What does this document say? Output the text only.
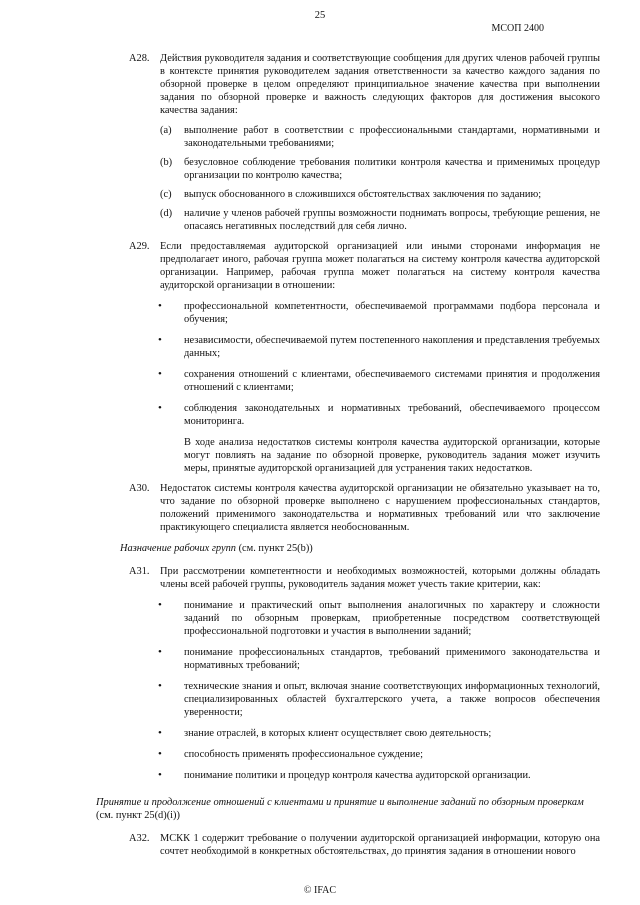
25
МСОП 2400
A28. Действия руководителя задания и соответствующие сообщения для других членов рабочей группы в контексте принятия руководителем задания ответственности за качество каждого задания по обзорной проверке в целом определяют принципиальное значение качества при выполнении задания по обзорной проверке и важность следующих факторов для достижения высокого качества задания:
(a) выполнение работ в соответствии с профессиональными стандартами, нормативными и законодательными требованиями;
(b) безусловное соблюдение требования политики контроля качества и применимых процедур организации по контролю качества;
(c) выпуск обоснованного в сложившихся обстоятельствах заключения по заданию;
(d) наличие у членов рабочей группы возможности поднимать вопросы, требующие решения, не опасаясь негативных последствий для себя лично.
A29. Если предоставляемая аудиторской организацией или иными сторонами информация не предполагает иного, рабочая группа может полагаться на систему контроля качества аудиторской организации. Например, рабочая группа может полагаться на систему контроля качества аудиторской организации в отношении:
• профессиональной компетентности, обеспечиваемой программами подбора персонала и обучения;
• независимости, обеспечиваемой путем постепенного накопления и представления требуемых данных;
• сохранения отношений с клиентами, обеспечиваемого системами принятия и продолжения отношений с клиентами;
• соблюдения законодательных и нормативных требований, обеспечиваемого процессом мониторинга.
В ходе анализа недостатков системы контроля качества аудиторской организации, которые могут повлиять на задание по обзорной проверке, руководитель задания может изучить меры, принятые аудиторской организацией для устранения таких недостатков.
A30. Недостаток системы контроля качества аудиторской организации не обязательно указывает на то, что задание по обзорной проверке выполнено с нарушением профессиональных стандартов, положений применимого законодательства и нормативных требований или что заключение практикующего специалиста является необоснованным.
Назначение рабочих групп (см. пункт 25(b))
A31. При рассмотрении компетентности и необходимых возможностей, которыми должны обладать члены всей рабочей группы, руководитель задания может учесть такие критерии, как:
• понимание и практический опыт выполнения аналогичных по характеру и сложности заданий по обзорным проверкам, приобретенные посредством соответствующей профессиональной подготовки и участия в выполнении заданий;
• понимание профессиональных стандартов, требований применимого законодательства и нормативных требований;
• технические знания и опыт, включая знание соответствующих информационных технологий, специализированных областей бухгалтерского учета, а также вопросов обеспечения уверенности;
• знание отраслей, в которых клиент осуществляет свою деятельность;
• способность применять профессиональное суждение;
• понимание политики и процедур контроля качества аудиторской организации.
Принятие и продолжение отношений с клиентами и принятие и выполнение заданий по обзорным проверкам (см. пункт 25(d)(i))
A32. МСКК 1 содержит требование о получении аудиторской организацией информации, которую она сочтет необходимой в конкретных обстоятельствах, до принятия задания в отношении нового
© IFAC
